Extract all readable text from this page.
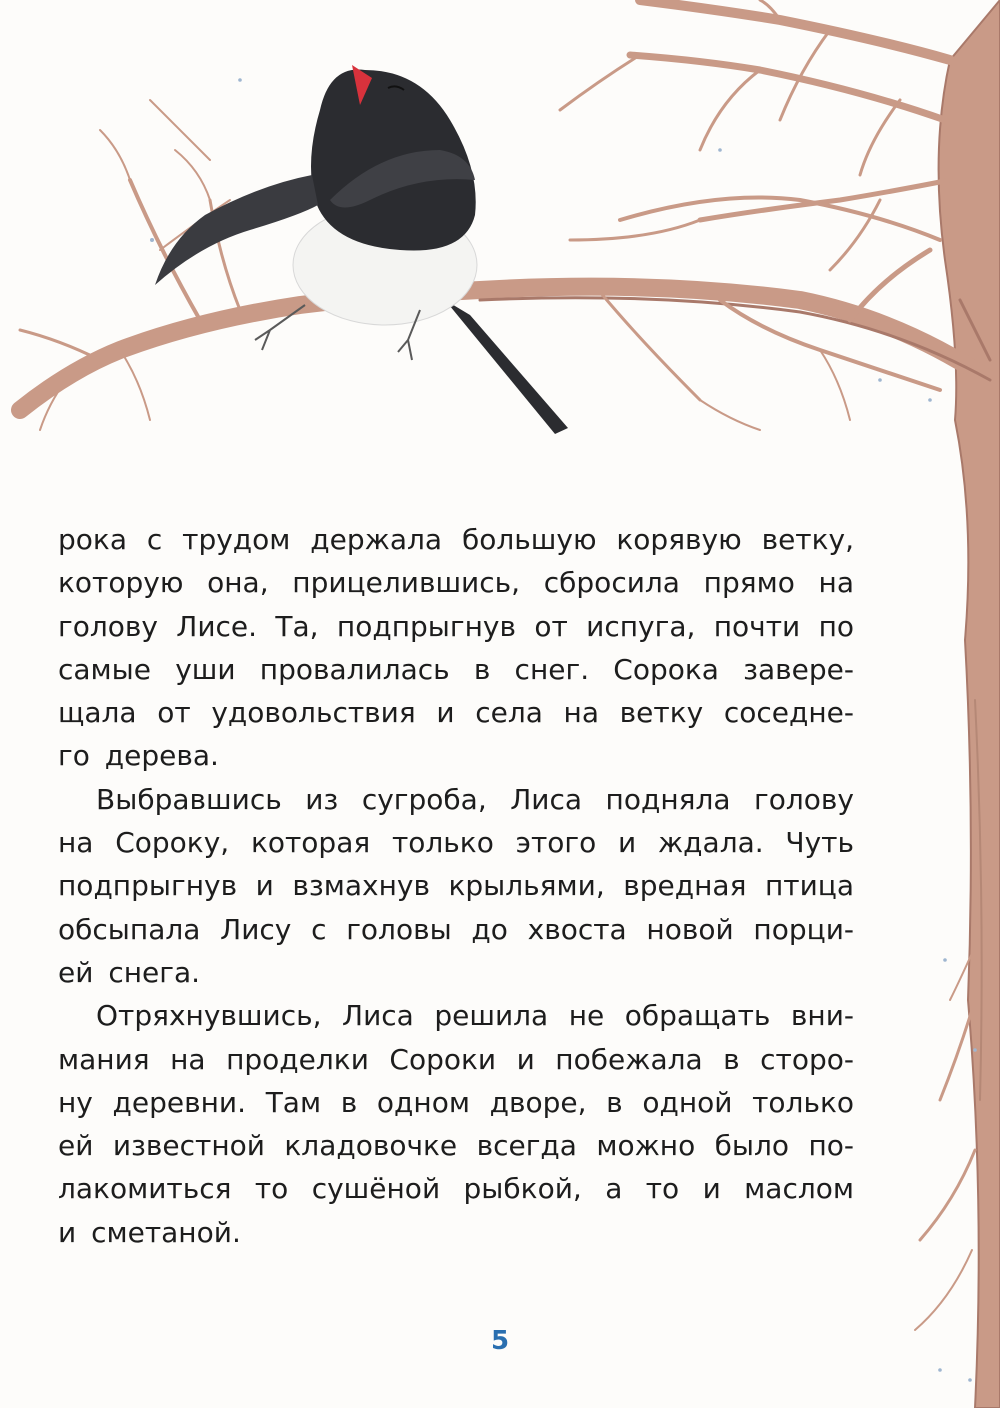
рока с трудом держала большую корявую ветку,
которую она, прицелившись, сбросила прямо на
голову Лисе. Та, подпрыгнув от испуга, почти по
самые уши провалилась в снег. Сорока завере-
щала от удовольствия и села на ветку соседне-
го дерева.
Выбравшись из сугроба, Лиса подняла голову
на Сороку, которая только этого и ждала. Чуть
подпрыгнув и взмахнув крыльями, вредная птица
обсыпала Лису с головы до хвоста новой порци-
ей снега.
Отряхнувшись, Лиса решила не обращать вни-
мания на проделки Сороки и побежала в сторо-
ну деревни. Там в одном дворе, в одной только
ей известной кладовочке всегда можно было по-
лакомиться то сушёной рыбкой, а то и маслом
и сметаной.
5
